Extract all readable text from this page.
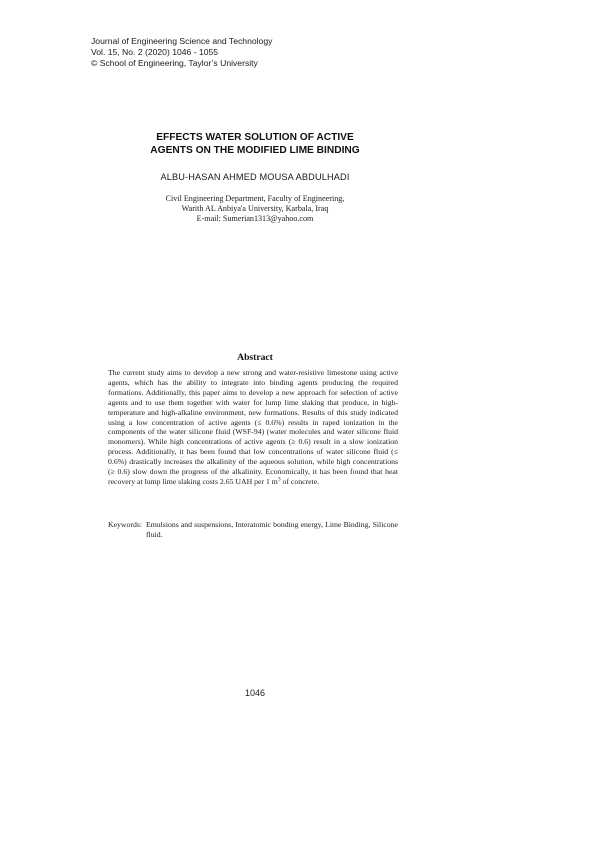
Journal of Engineering Science and Technology
Vol. 15, No. 2 (2020) 1046 - 1055
© School of Engineering, Taylor’s University
EFFECTS WATER SOLUTION OF ACTIVE
AGENTS ON THE MODIFIED LIME BINDING
ALBU-HASAN AHMED MOUSA ABDULHADI
Civil Engineering Department, Faculty of Engineering,
Warith AL Anbiya'a University, Karbala, Iraq
E-mail: Sumerian1313@yahoo.com
Abstract

The current study aims to develop a new strong and water-resistive limestone using active agents, which has the ability to integrate into binding agents producing the required formations. Additionally, this paper aims to develop a new approach for selection of active agents and to use them together with water for lump lime slaking that produce, in high-temperature and high-alkaline environment, new formations. Results of this study indicated using a low concentration of active agents (≤ 0.6%) results in raped ionization in the components of the water silicone fluid (WSF-94) (water molecules and water silicone fluid monomers). While high concentrations of active agents (≥ 0.6) result in a slow ionization process. Additionally, it has been found that low concentrations of water silicone fluid (≤ 0.6%) drastically increases the alkalinity of the aqueous solution, while high concentrations (≥ 0.6) slow down the progress of the alkalinity. Economically, it has been found that heat recovery at lump lime slaking costs 2.65 UAH per 1 $m^3$ of concrete.

Keywords: Emulsions and suspensions, Interatomic bonding energy, Lime Binding, Silicone fluid.
1046
